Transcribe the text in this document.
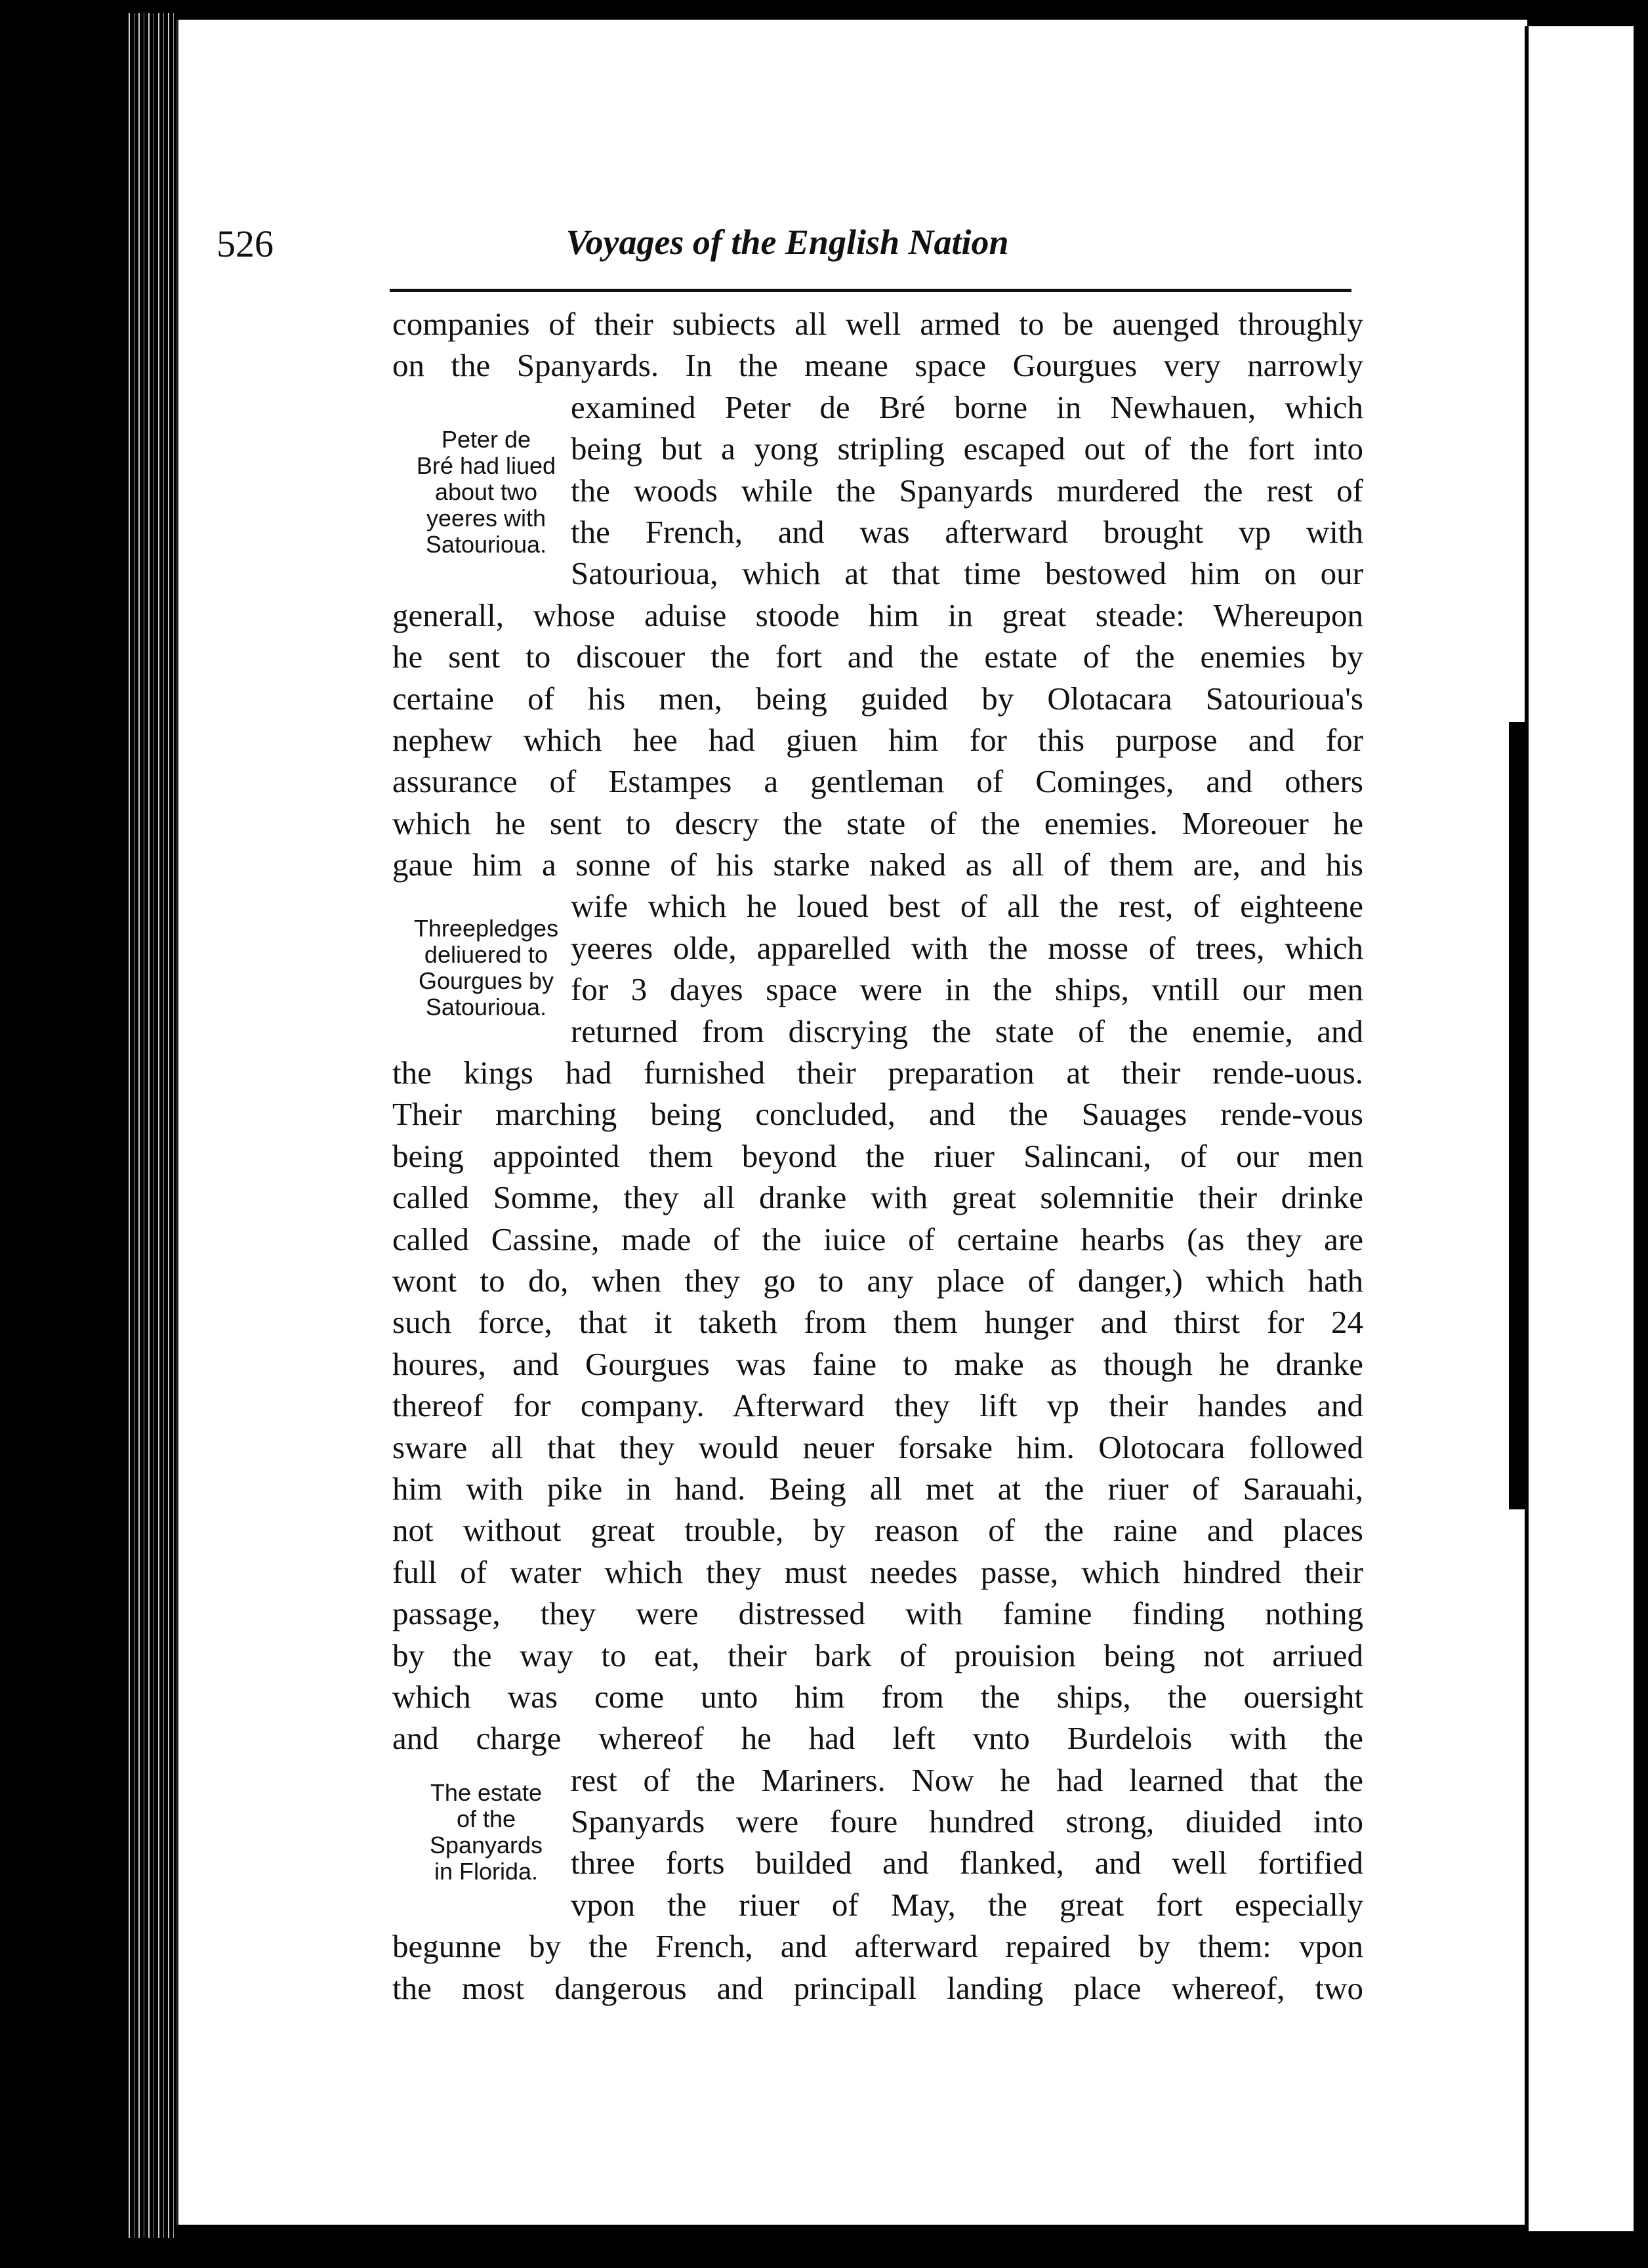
526	Voyages of the English Nation
companies of their subiects all well armed to be auenged throughly
on the Spanyards. In the meane space Gourgues very narrowly
examined Peter de Bré borne in Newhauen, which
being but a yong stripling escaped out of the fort into
the woods while the Spanyards murdered the rest of
the French, and was afterward brought vp with
Satourioua, which at that time bestowed him on our
generall, whose aduise stoode him in great steade: Whereupon
he sent to discouer the fort and the estate of the enemies by
certaine of his men, being guided by Olotacara Satourioua's
nephew which hee had giuen him for this purpose and for
assurance of Estampes a gentleman of Cominges, and others
which he sent to descry the state of the enemies. Moreouer he
gaue him a sonne of his starke naked as all of them are, and his
wife which he loued best of all the rest, of eighteene
yeeres olde, apparelled with the mosse of trees, which
for 3 dayes space were in the ships, vntill our men
returned from discrying the state of the enemie, and
the kings had furnished their preparation at their rende-uous.
Their marching being concluded, and the Sauages rende-vous
being appointed them beyond the riuer Salincani, of our men
called Somme, they all dranke with great solemnitie their drinke
called Cassine, made of the iuice of certaine hearbs (as they are
wont to do, when they go to any place of danger,) which hath
such force, that it taketh from them hunger and thirst for 24
houres, and Gourgues was faine to make as though he dranke
thereof for company. Afterward they lift vp their handes and
sware all that they would neuer forsake him. Olotocara followed
him with pike in hand. Being all met at the riuer of Sarauahi,
not without great trouble, by reason of the raine and places
full of water which they must needes passe, which hindred their
passage, they were distressed with famine finding nothing
by the way to eat, their bark of prouision being not arriued
which was come unto him from the ships, the ouersight
and charge whereof he had left vnto Burdelois with the
rest of the Mariners. Now he had learned that the
Spanyards were foure hundred strong, diuided into
three forts builded and flanked, and well fortified
vpon the riuer of May, the great fort especially
begunne by the French, and afterward repaired by them: vpon
the most dangerous and principall landing place whereof, two
Peter de
Bré had liued
about two
yeeres with
Satourioua.
Threepledges
deliuered to
Gourgues by
Satourioua.
The estate
of the
Spanyards
in Florida.
